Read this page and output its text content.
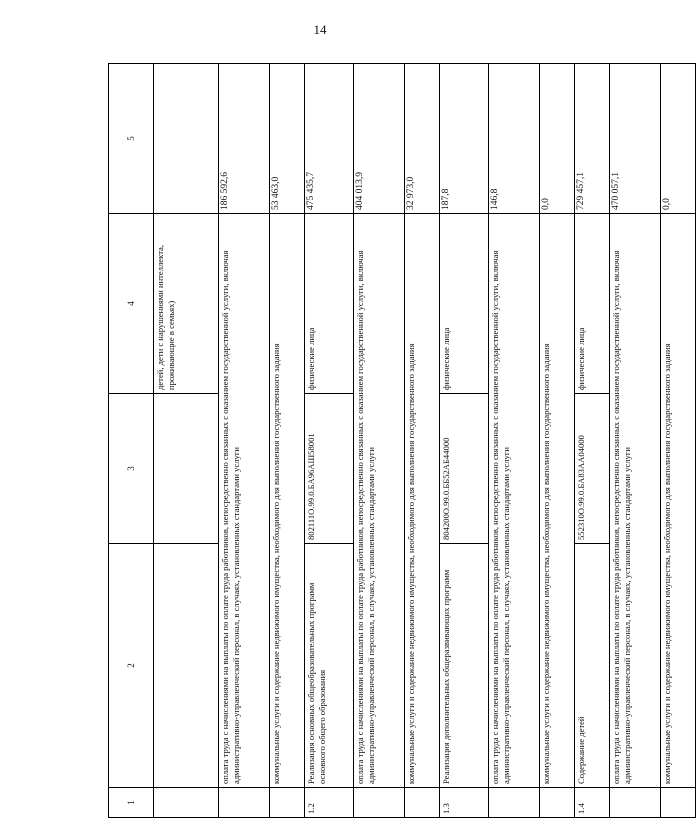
14
1	2	3	4	5
			детей, дети с нарушениями интеллекта, проживающие в семьях)	
	оплата труда с начислениями на выплаты по оплате труда работников, непосредственно связанных с оказанием государственной услуги, включая административно-управленческий персонал, в случаях, установленных стандартами услуги			186 592,6
	коммунальные услуги и содержание недвижимого имущества, необходимого для выполнения государственного задания			53 463,0
1.2	Реализация основных общеобразовательных программ основного общего образования	802111О.99.0.БА96АШ58001	физические лица	475 435,7
	оплата труда с начислениями на выплаты по оплате труда работников, непосредственно связанных с оказанием государственной услуги, включая административно-управленческий персонал, в случаях, установленных стандартами услуги			404 013,9
	коммунальные услуги и содержание недвижимого имущества, необходимого для выполнения государственного задания			32 973,0
1.3	Реализация дополнительных общеразвивающих программ	804200О.99.0.ББ52АБ44000	физические лица	187,8
	оплата труда с начислениями на выплаты по оплате труда работников, непосредственно связанных с оказанием государственной услуги, включая административно-управленческий персонал, в случаях, установленных стандартами услуги			146,8
	коммунальные услуги и содержание недвижимого имущества, необходимого для выполнения государственного задания			0,0
1.4	Содержание детей	552310О.99.0.БА83АА04000	физические лица	729 457,1
	оплата труда с начислениями на выплаты по оплате труда работников, непосредственно связанных с оказанием государственной услуги, включая административно-управленческий персонал, в случаях, установленных стандартами услуги			470 057,1
	коммунальные услуги и содержание недвижимого имущества, необходимого для выполнения государственного задания			0,0
